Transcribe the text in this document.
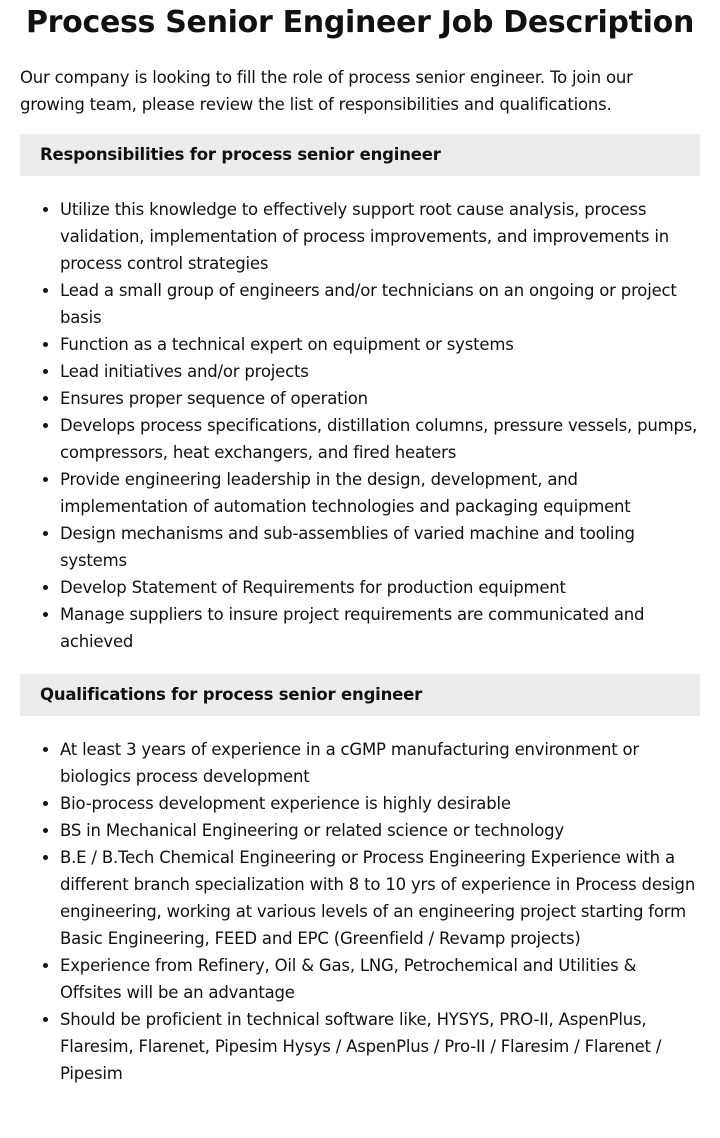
Process Senior Engineer Job Description

Our company is looking to fill the role of process senior engineer. To join our growing team, please review the list of responsibilities and qualifications.

Responsibilities for process senior engineer
• Utilize this knowledge to effectively support root cause analysis, process validation, implementation of process improvements, and improvements in process control strategies
• Lead a small group of engineers and/or technicians on an ongoing or project basis
• Function as a technical expert on equipment or systems
• Lead initiatives and/or projects
• Ensures proper sequence of operation
• Develops process specifications, distillation columns, pressure vessels, pumps, compressors, heat exchangers, and fired heaters
• Provide engineering leadership in the design, development, and implementation of automation technologies and packaging equipment
• Design mechanisms and sub-assemblies of varied machine and tooling systems
• Develop Statement of Requirements for production equipment
• Manage suppliers to insure project requirements are communicated and achieved
Qualifications for process senior engineer
• At least 3 years of experience in a cGMP manufacturing environment or biologics process development
• Bio-process development experience is highly desirable
• BS in Mechanical Engineering or related science or technology
• B.E / B.Tech Chemical Engineering or Process Engineering Experience with a different branch specialization with 8 to 10 yrs of experience in Process design engineering, working at various levels of an engineering project starting form Basic Engineering, FEED and EPC (Greenfield / Revamp projects)
• Experience from Refinery, Oil & Gas, LNG, Petrochemical and Utilities & Offsites will be an advantage
• Should be proficient in technical software like, HYSYS, PRO-II, AspenPlus, Flaresim, Flarenet, Pipesim Hysys / AspenPlus / Pro-II / Flaresim / Flarenet / Pipesim
